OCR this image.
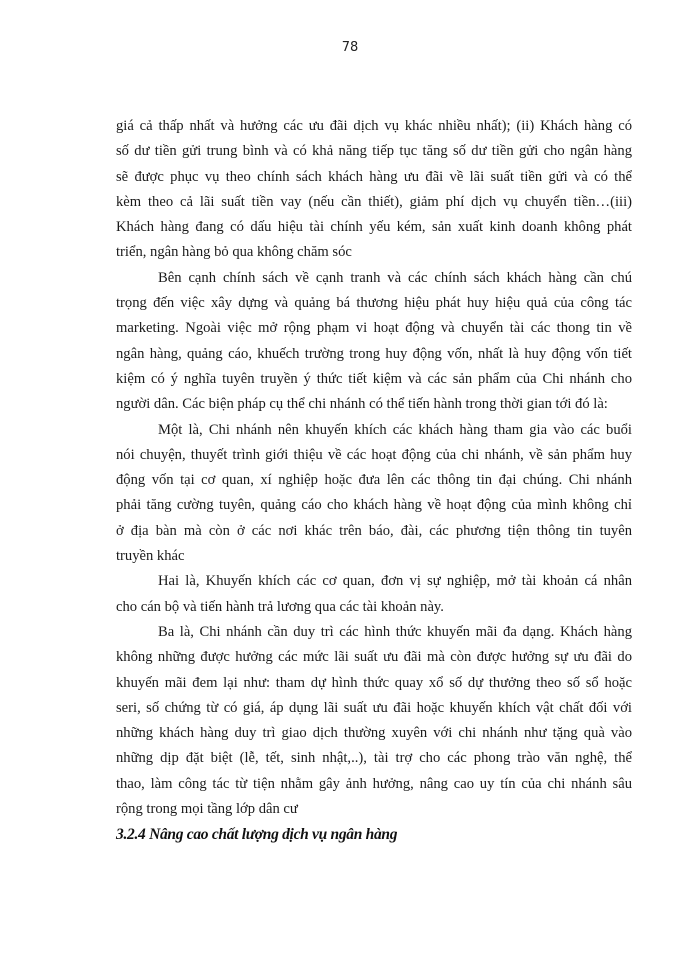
78

giá cả thấp nhất và hưởng các ưu đãi dịch vụ khác nhiều nhất); (ii) Khách hàng có
số dư tiền gửi trung bình và có khả năng tiếp tục tăng số dư tiền gửi cho ngân hàng
sẽ được phục vụ theo chính sách khách hàng ưu đãi về lãi suất tiền gửi và có thể
kèm theo cả lãi suất tiền vay (nếu cần thiết), giảm phí dịch vụ chuyển tiền…(iii)
Khách hàng đang có dấu hiệu tài chính yếu kém, sản xuất kinh doanh không phát
triển, ngân hàng bỏ qua không chăm sóc

Bên cạnh chính sách về cạnh tranh và các chính sách khách hàng cần chú
trọng đến việc xây dựng và quảng bá thương hiệu phát huy hiệu quả của công tác
marketing. Ngoài việc mở rộng phạm vi hoạt động và chuyển tài các thong tin về
ngân hàng, quảng cáo, khuếch trường trong huy động vốn, nhất là huy động vốn tiết
kiệm có ý nghĩa tuyên truyền ý thức tiết kiệm và các sản phẩm của Chi nhánh cho
người dân. Các biện pháp cụ thể chi nhánh có thể tiến hành trong thời gian tới đó là:

Một là, Chi nhánh nên khuyến khích các khách hàng tham gia vào các buổi
nói chuyện, thuyết trình giới thiệu về các hoạt động của chi nhánh, về sản phẩm huy
động vốn tại cơ quan, xí nghiệp hoặc đưa lên các thông tin đại chúng. Chi nhánh
phải tăng cường tuyên, quảng cáo cho khách hàng về hoạt động của mình không chỉ
ở địa bàn mà còn ở các nơi khác trên báo, đài, các phương tiện thông tin tuyên
truyền khác

Hai là, Khuyến khích các cơ quan, đơn vị sự nghiệp, mở tài khoản cá nhân
cho cán bộ và tiến hành trả lương qua các tài khoản này.

Ba là, Chi nhánh cần duy trì các hình thức khuyến mãi đa dạng. Khách hàng
không những được hưởng các mức lãi suất ưu đãi mà còn được hưởng sự ưu đãi do
khuyến mãi đem lại như: tham dự hình thức quay xổ số dự thưởng theo số sổ hoặc
seri, số chứng từ có giá, áp dụng lãi suất ưu đãi hoặc khuyến khích vật chất đối với
những khách hàng duy trì giao dịch thường xuyên với chi nhánh như tặng quà vào
những dịp đặt biệt (lễ, tết, sinh nhật,..), tài trợ cho các phong trào văn nghệ, thể
thao, làm công tác từ tiện nhằm gây ảnh hưởng, nâng cao uy tín của chi nhánh sâu
rộng trong mọi tầng lớp dân cư

3.2.4 Nâng cao chất lượng dịch vụ ngân hàng
